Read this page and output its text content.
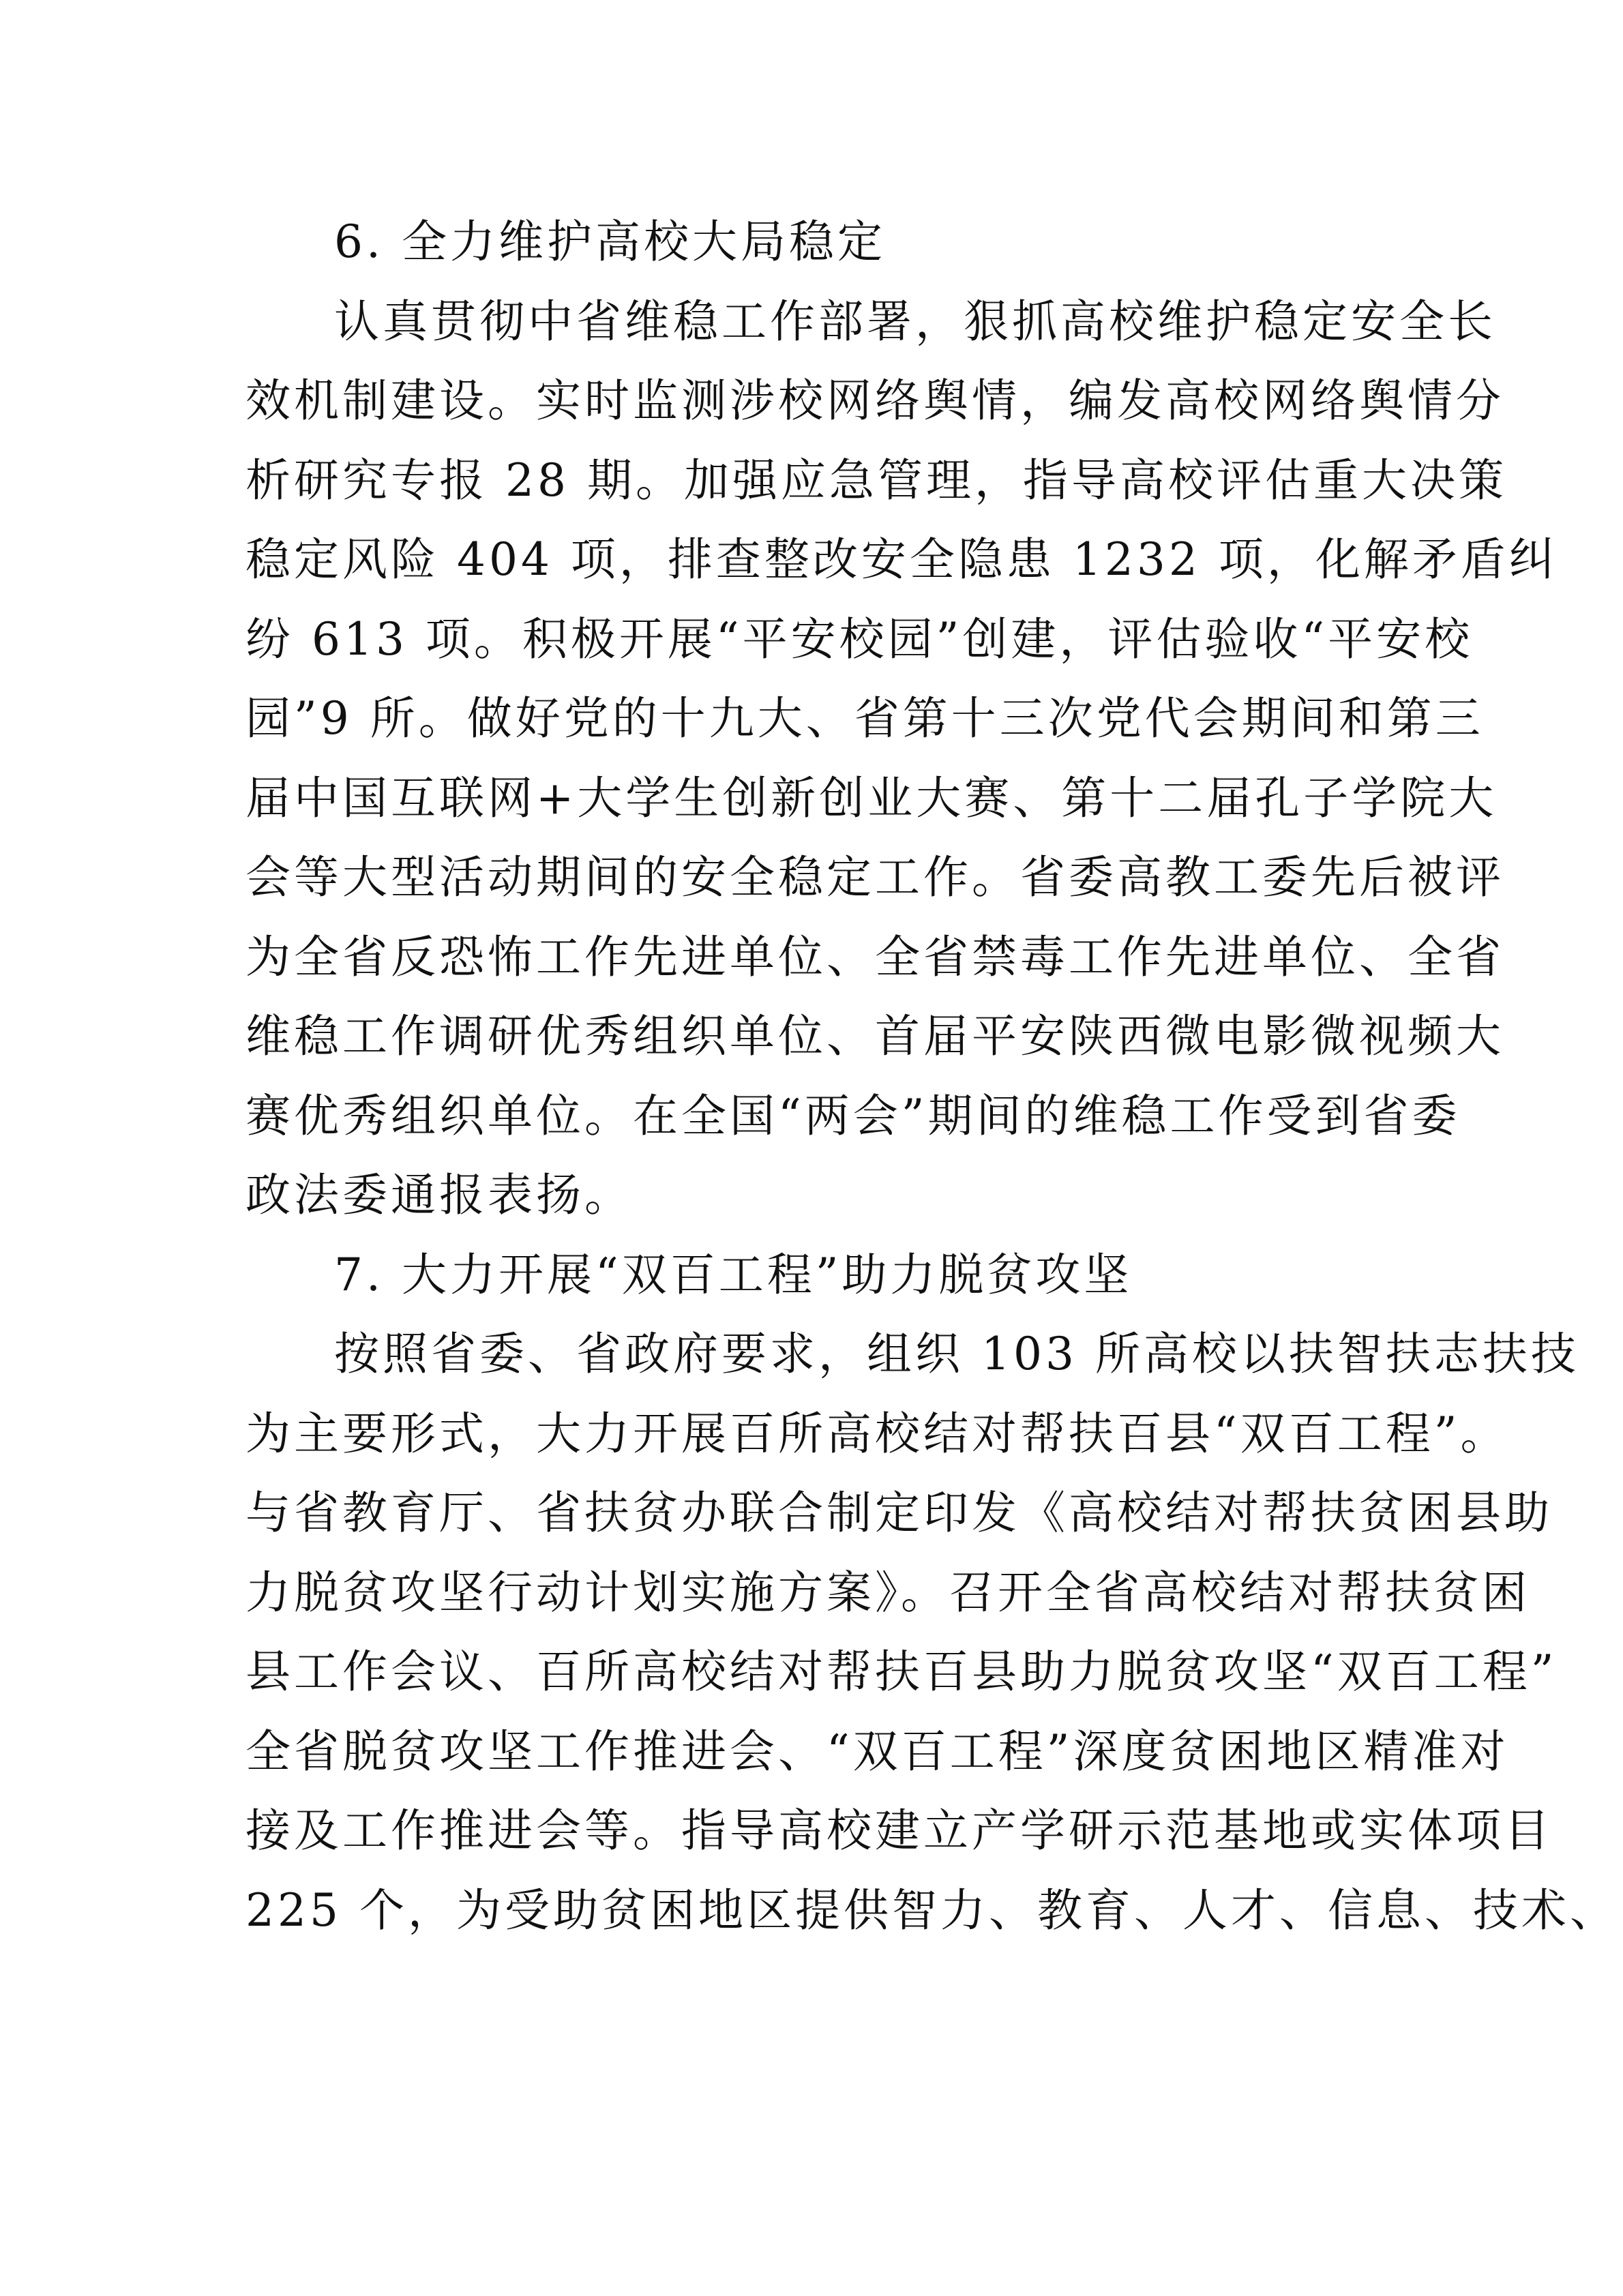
6. 全力维护高校大局稳定
认真贯彻中省维稳工作部署，狠抓高校维护稳定安全长
效机制建设。实时监测涉校网络舆情，编发高校网络舆情分
析研究专报 28 期。加强应急管理，指导高校评估重大决策
稳定风险 404 项，排查整改安全隐患 1232 项，化解矛盾纠
纷 613 项。积极开展“平安校园”创建，评估验收“平安校
园”9 所。做好党的十九大、省第十三次党代会期间和第三
届中国互联网+大学生创新创业大赛、第十二届孔子学院大
会等大型活动期间的安全稳定工作。省委高教工委先后被评
为全省反恐怖工作先进单位、全省禁毒工作先进单位、全省
维稳工作调研优秀组织单位、首届平安陕西微电影微视频大
赛优秀组织单位。在全国“两会”期间的维稳工作受到省委
政法委通报表扬。
7. 大力开展“双百工程”助力脱贫攻坚
按照省委、省政府要求，组织 103 所高校以扶智扶志扶技
为主要形式，大力开展百所高校结对帮扶百县“双百工程”。
与省教育厅、省扶贫办联合制定印发《高校结对帮扶贫困县助
力脱贫攻坚行动计划实施方案》。召开全省高校结对帮扶贫困
县工作会议、百所高校结对帮扶百县助力脱贫攻坚“双百工程”
全省脱贫攻坚工作推进会、“双百工程”深度贫困地区精准对
接及工作推进会等。指导高校建立产学研示范基地或实体项目
225 个，为受助贫困地区提供智力、教育、人才、信息、技术、
